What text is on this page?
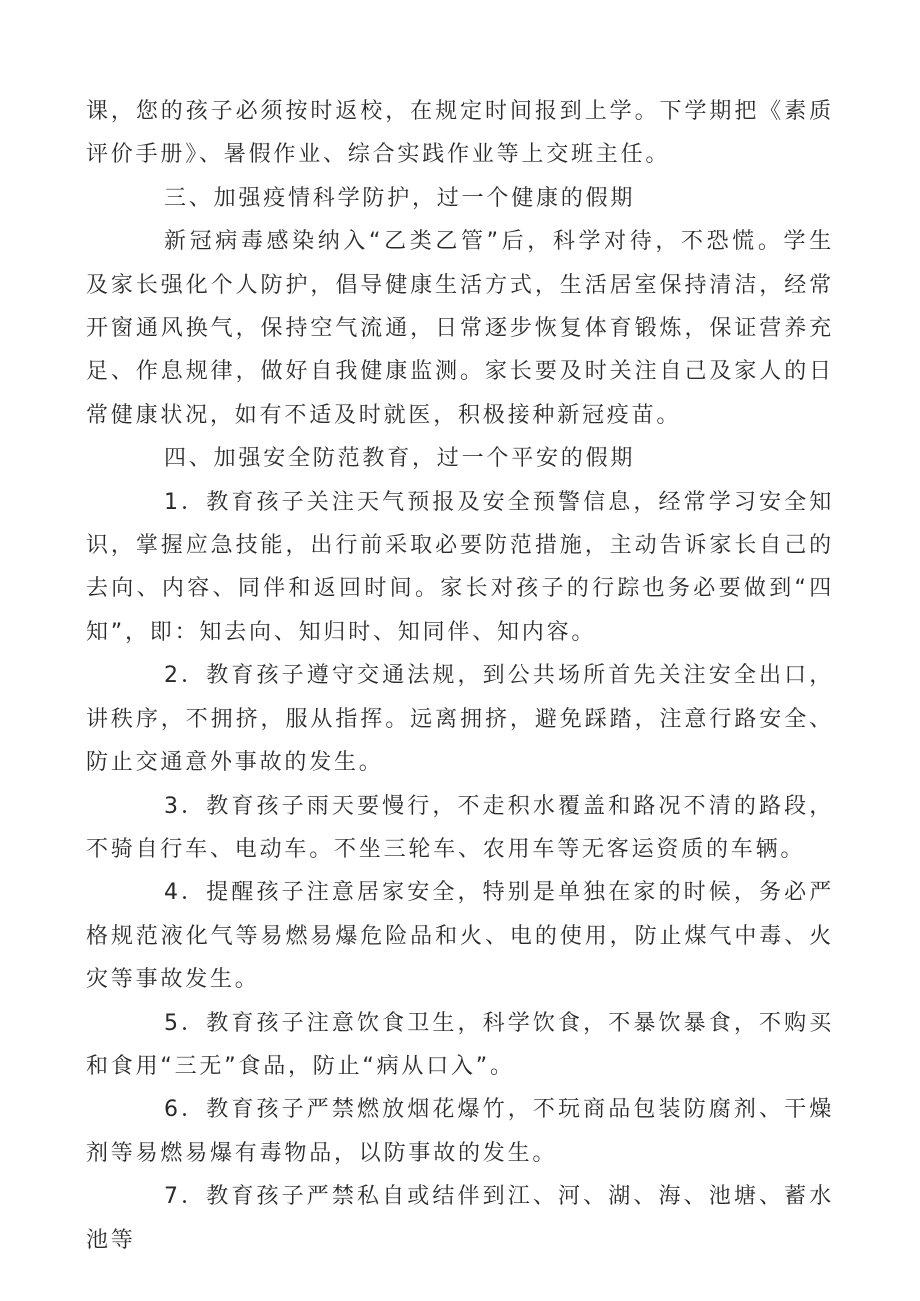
课，您的孩子必须按时返校，在规定时间报到上学。下学期把《素质评价手册》、暑假作业、综合实践作业等上交班主任。

三、加强疫情科学防护，过一个健康的假期

新冠病毒感染纳入“乙类乙管”后，科学对待，不恐慌。学生及家长强化个人防护，倡导健康生活方式，生活居室保持清洁，经常开窗通风换气，保持空气流通，日常逐步恢复体育锻炼，保证营养充足、作息规律，做好自我健康监测。家长要及时关注自己及家人的日常健康状况，如有不适及时就医，积极接种新冠疫苗。

四、加强安全防范教育，过一个平安的假期

1．教育孩子关注天气预报及安全预警信息，经常学习安全知识，掌握应急技能，出行前采取必要防范措施，主动告诉家长自己的去向、内容、同伴和返回时间。家长对孩子的行踪也务必要做到“四知”，即：知去向、知归时、知同伴、知内容。

2．教育孩子遵守交通法规，到公共场所首先关注安全出口，讲秩序，不拥挤，服从指挥。远离拥挤，避免踩踏，注意行路安全、防止交通意外事故的发生。

3．教育孩子雨天要慢行，不走积水覆盖和路况不清的路段，不骑自行车、电动车。不坐三轮车、农用车等无客运资质的车辆。

4．提醒孩子注意居家安全，特别是单独在家的时候，务必严格规范液化气等易燃易爆危险品和火、电的使用，防止煤气中毒、火灾等事故发生。

5．教育孩子注意饮食卫生，科学饮食，不暴饮暴食，不购买和食用“三无”食品，防止“病从口入”。

6．教育孩子严禁燃放烟花爆竹，不玩商品包装防腐剂、干燥剂等易燃易爆有毒物品，以防事故的发生。

7．教育孩子严禁私自或结伴到江、河、湖、海、池塘、蓄水池等
